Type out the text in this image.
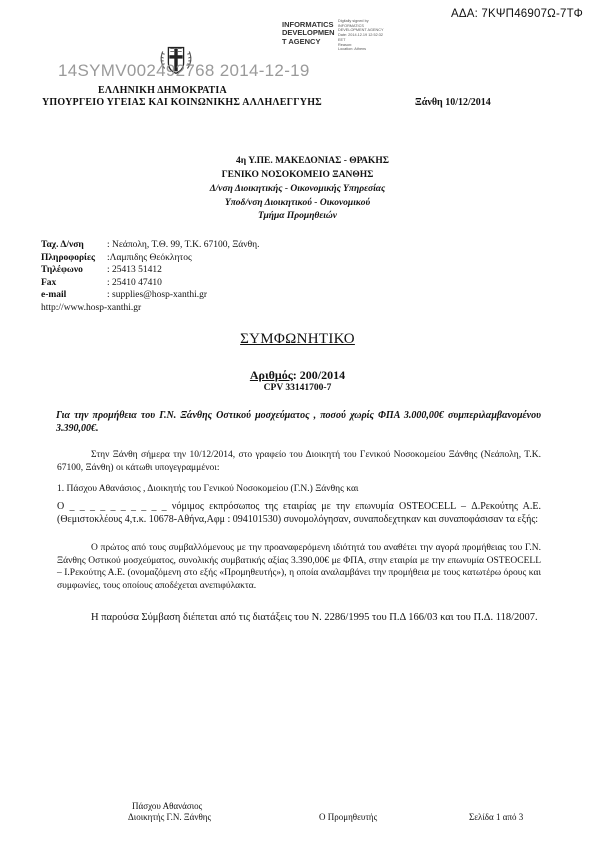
ΑΔΑ: 7ΚΨΠ46907Ω-7ΤΦ
INFORMATICS
DEVELOPMEN
T AGENCY
Digitally signed by
INFORMATICS
DEVELOPMENT AGENCY
Date: 2014.12.19 12:52:32
EET
Reason:
Location: Athens
14SYMV002492768 2014-12-19
ΕΛΛΗΝΙΚΗ ΔΗΜΟΚΡΑΤΙΑ
ΥΠΟΥΡΓΕΙΟ ΥΓΕΙΑΣ ΚΑΙ ΚΟΙΝΩΝΙΚΗΣ ΑΛΛΗΛΕΓΓΥΗΣ	Ξάνθη 10/12/2014
4η Υ.ΠΕ. ΜΑΚΕΔΟΝΙΑΣ - ΘΡΑΚΗΣ
ΓΕΝΙΚΟ ΝΟΣΟΚΟΜΕΙΟ ΞΑΝΘΗΣ
Δ/νση Διοικητικής - Οικονομικής Υπηρεσίας
Υποδ/νση Διοικητικού - Οικονομικού
Τμήμα Προμηθειών
Ταχ. Δ/νση : Νεάπολη, Τ.Θ. 99, Τ.Κ. 67100, Ξάνθη.
Πληροφορίες :Λαμπιδης Θεόκλητος
Τηλέφωνο	: 25413 51412
Fax	: 25410 47410
e-mail	: supplies@hosp-xanthi.gr
http://www.hosp-xanthi.gr
ΣΥΜΦΩΝΗΤΙΚΟ
Αριθμός: 200/2014
CPV 33141700-7
Για την προμήθεια του Γ.Ν. Ξάνθης Οστικού μοσχεύματος , ποσού χωρίς ΦΠΑ 3.000,00€ συμπεριλαμβανομένου 3.390,00€.
Στην Ξάνθη σήμερα την 10/12/2014, στο γραφείο του Διοικητή του Γενικού Νοσοκομείου Ξάνθης (Νεάπολη, Τ.Κ. 67100, Ξάνθη) οι κάτωθι υπογεγραμμένοι:
1. Πάσχου Αθανάσιος , Διοικητής του Γενικού Νοσοκομείου (Γ.Ν.) Ξάνθης και
Ο _ _ _ _ _ _ _ _ _ _ νόμιμος εκπρόσωπος της εταιρίας με την επωνυμία OSTEOCELL – Δ.Ρεκούτης Α.Ε. (Θεμιστοκλέους 4,τ.κ. 10678-Αθήνα,Αφμ : 094101530) συνομολόγησαν, συναποδεχτηκαν και συναποφάσισαν τα εξής:
Ο πρώτος από τους συμβαλλόμενους με την προαναφερόμενη ιδιότητά του αναθέτει την αγορά προμήθειας του Γ.Ν. Ξάνθης Οστικού μοσχεύματος, συνολικής συμβατικής αξίας 3.390,00€ με ΦΠΑ, στην εταιρία με την επωνυμία OSTEOCELL – Ι.Ρεκούτης Α.Ε. (ονομαζόμενη στο εξής «Προμηθευτής»), η οποία αναλαμβάνει την προμήθεια με τους κατωτέρω όρους και συμφωνίες, τους οποίους αποδέχεται ανεπιφύλακτα.
Η παρούσα Σύμβαση διέπεται από τις διατάξεις του Ν. 2286/1995 του Π.Δ 166/03 και του Π.Δ. 118/2007.
Πάσχου Αθανάσιος
Διοικητής Γ.Ν. Ξάνθης	Ο Προμηθευτής	Σελίδα 1 από 3
